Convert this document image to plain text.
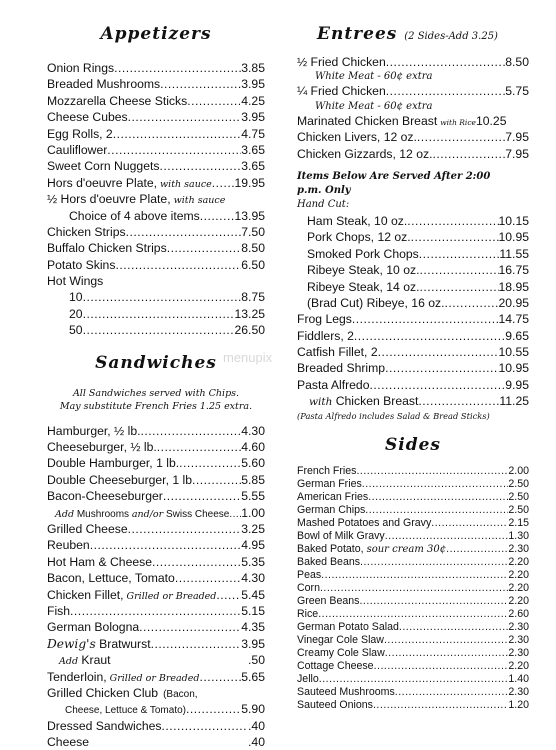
Appetizers
Onion Rings .....	3.85
Breaded Mushrooms .....	3.95
Mozzarella Cheese Sticks .....	4.25
Cheese Cubes .....	3.95
Egg Rolls, 2 .....	4.75
Cauliflower .....	3.65
Sweet Corn Nuggets .....	3.65
Hors d'oeuvre Plate, with sauce ..... 19.95
½ Hors d'oeuvre Plate, with sauce
Choice of 4 above items .....	13.95
Chicken Strips .....	7.50
Buffalo Chicken Strips .....	8.50
Potato Skins .....	6.50
Hot Wings
10 .....	8.75
20 .....	13.25
50 .....	26.50
Sandwiches
All Sandwiches served with Chips.
May substitute French Fries 1.25 extra.
Hamburger, ½ lb. .....	4.30
Cheeseburger, ½ lb. .....	4.60
Double Hamburger, 1 lb. .....	5.60
Double Cheeseburger, 1 lb .....	5.85
Bacon-Cheeseburger .....	5.55
Add Mushrooms and/or Swiss Cheese ..... 1.00
Grilled Cheese .....	3.25
Reuben .....	4.95
Hot Ham & Cheese .....	5.35
Bacon, Lettuce, Tomato .....	4.30
Chicken Fillet, Grilled or Breaded ..... 5.45
Fish .....	5.15
German Bologna .....	4.35
Dewig's Bratwurst .....	3.95
Add Kraut	.50
Tenderloin, Grilled or Breaded .....	5.65
Grilled Chicken Club (Bacon,
Cheese, Lettuce & Tomato) .....	5.90
Dressed Sandwiches .....	.40
Cheese	.40
Entrees (2 Sides-Add 3.25)
½ Fried Chicken .....	8.50
White Meat - 60¢ extra
¼ Fried Chicken .....	5.75
White Meat - 60¢ extra
Marinated Chicken Breast with Rice 10.25
Chicken Livers, 12 oz. .....	7.95
Chicken Gizzards, 12 oz. .....	7.95
Items Below Are Served After 2:00
p.m. Only
Hand Cut:
Ham Steak, 10 oz. .....	10.15
Pork Chops, 12 oz. .....	10.95
Smoked Pork Chops .....	11.55
Ribeye Steak, 10 oz. .....	16.75
Ribeye Steak, 14 oz. .....	18.95
(Brad Cut) Ribeye, 16 oz. .....	20.95
Frog Legs .....	14.75
Fiddlers, 2 .....	9.65
Catfish Fillet, 2 .....	10.55
Breaded Shrimp .....	10.95
Pasta Alfredo .....	9.95
with Chicken Breast .....	11.25
(Pasta Alfredo includes Salad & Bread Sticks)
Sides
French Fries .....	2.00
German Fries .....	2.50
American Fries .....	2.50
German Chips .....	2.50
Mashed Potatoes and Gravy .....	2.15
Bowl of Milk Gravy .....	1.30
Baked Potato, sour cream 30¢ .....	2.30
Baked Beans .....	2.20
Peas .....	2.20
Corn .....	2.20
Green Beans .....	2.20
Rice .....	2.60
German Potato Salad .....	2.30
Vinegar Cole Slaw .....	2.30
Creamy Cole Slaw .....	2.30
Cottage Cheese .....	2.20
Jello .....	1.40
Sauteed Mushrooms .....	2.30
Sauteed Onions .....	1.20
menupix
